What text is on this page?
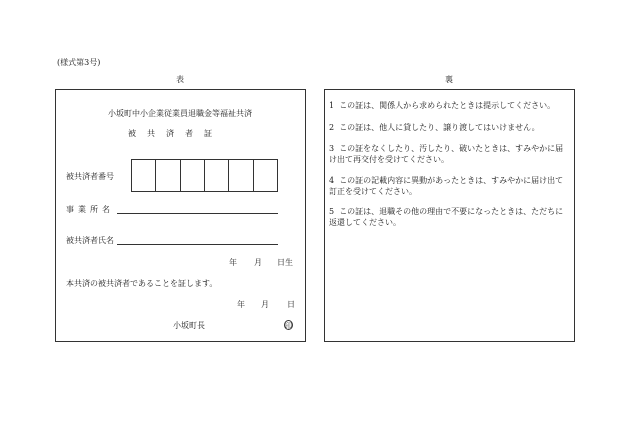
(様式第3号)
表	裏
小坂町中小企業従業員退職金等福祉共済
被共済者証
被共済者番号
事業所名
被共済者氏名
年 月 日生
本共済の被共済者であることを証します。
年 月 日
小坂町長	印
1 この証は、関係人から求められたときは提示してください。
2 この証は、他人に貸したり、譲り渡してはいけません。
3 この証をなくしたり、汚したり、破いたときは、すみやかに届け出て再交付を受けてください。
4 この証の記載内容に異動があったときは、すみやかに届け出て訂正を受けてください。
5 この証は、退職その他の理由で不要になったときは、ただちに返還してください。
